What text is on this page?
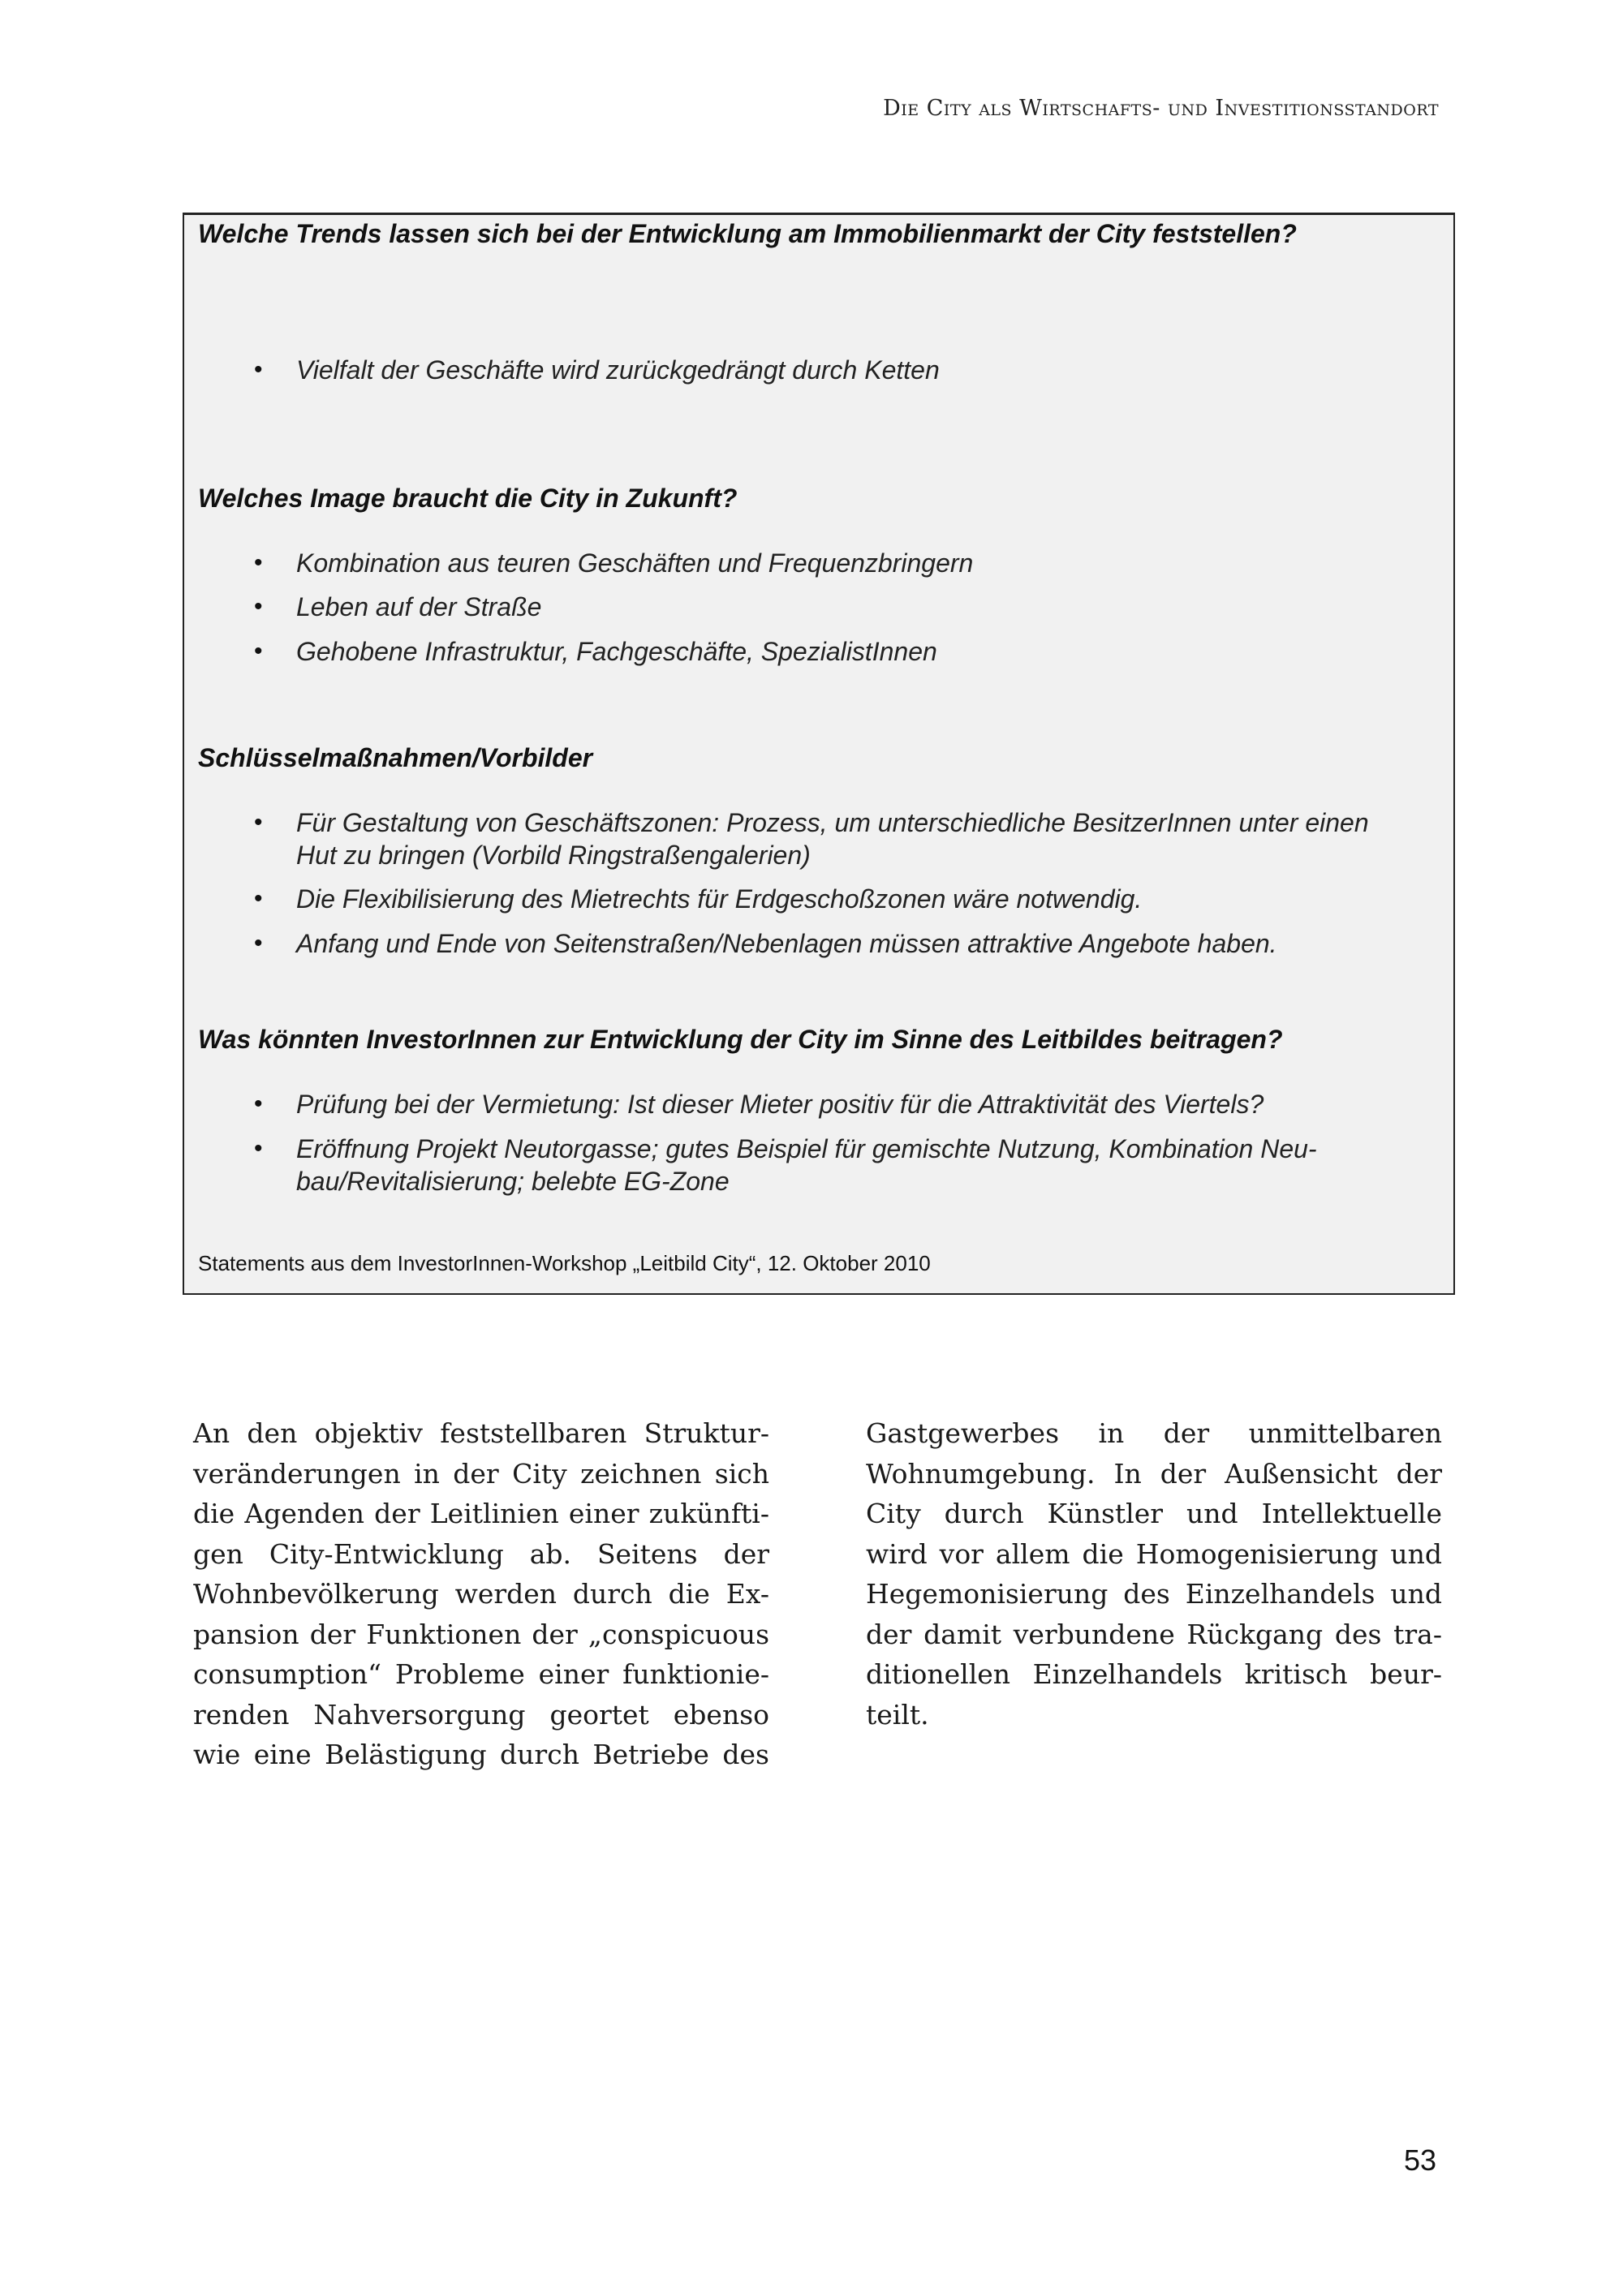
Die City als Wirtschafts- und Investitionsstandort
Welche Trends lassen sich bei der Entwicklung am Immobilienmarkt der City feststellen?
• Vielfalt der Geschäfte wird zurückgedrängt durch Ketten
Welches Image braucht die City in Zukunft?
• Kombination aus teuren Geschäften und Frequenzbringern
• Leben auf der Straße
• Gehobene Infrastruktur, Fachgeschäfte, SpezialistInnen
Schlüsselmaßnahmen/Vorbilder
• Für Gestaltung von Geschäftszonen: Prozess, um unterschiedliche BesitzerInnen unter einen
Hut zu bringen (Vorbild Ringstraßengalerien)
• Die Flexibilisierung des Mietrechts für Erdgeschoßzonen wäre notwendig.
• Anfang und Ende von Seitenstraßen/Nebenlagen müssen attraktive Angebote haben.
Was könnten InvestorInnen zur Entwicklung der City im Sinne des Leitbildes beitragen?
• Prüfung bei der Vermietung: Ist dieser Mieter positiv für die Attraktivität des Viertels?
• Eröffnung Projekt Neutorgasse; gutes Beispiel für gemischte Nutzung, Kombination Neu-
bau/Revitalisierung; belebte EG-Zone
Statements aus dem InvestorInnen-Workshop „Leitbild City“, 12. Oktober 2010
An den objektiv feststellbaren Struktur-
veränderungen in der City zeichnen sich
die Agenden der Leitlinien einer zukünfti-
gen City-Entwicklung ab. Seitens der
Wohnbevölkerung werden durch die Ex-
pansion der Funktionen der „conspicuous
consumption“ Probleme einer funktionie-
renden Nahversorgung geortet ebenso
wie eine Belästigung durch Betriebe des
Gastgewerbes in der unmittelbaren
Wohnumgebung. In der Außensicht der
City durch Künstler und Intellektuelle
wird vor allem die Homogenisierung und
Hegemonisierung des Einzelhandels und
der damit verbundene Rückgang des tra-
ditionellen Einzelhandels kritisch beur-
teilt.
53
